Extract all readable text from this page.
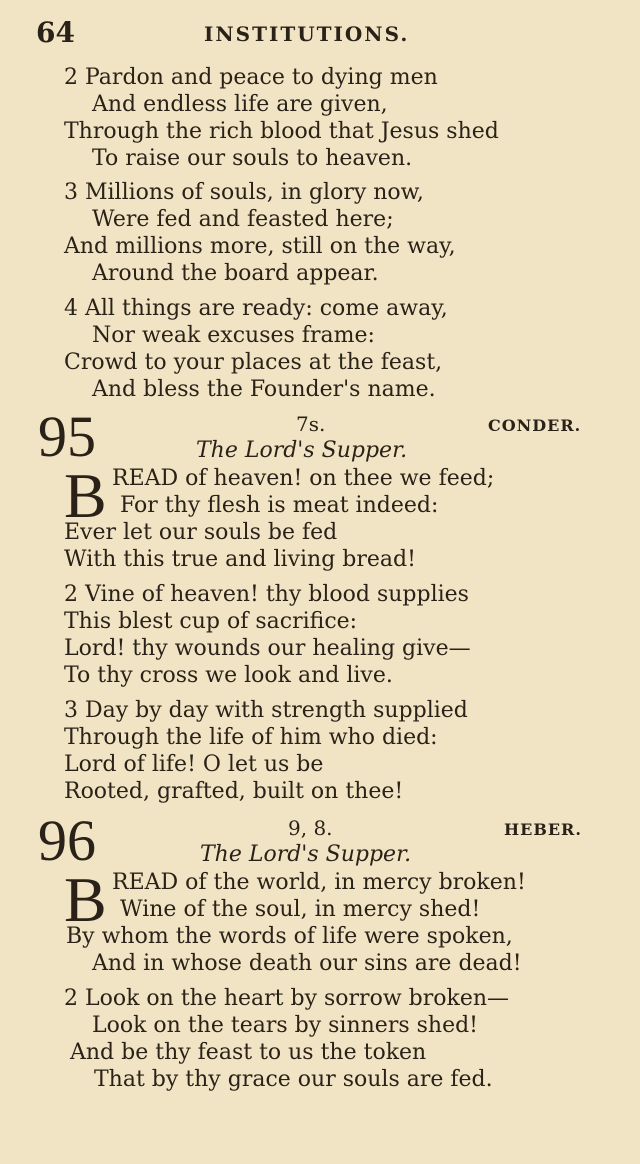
64	INSTITUTIONS.
2 Pardon and peace to dying men
And endless life are given,
Through the rich blood that Jesus shed
To raise our souls to heaven.
3 Millions of souls, in glory now,
Were fed and feasted here;
And millions more, still on the way,
Around the board appear.
4 All things are ready: come away,
Nor weak excuses frame:
Crowd to your places at the feast,
And bless the Founder's name.
95	7s.	CONDER.
The Lord's Supper.
B READ of heaven! on thee we feed;
For thy flesh is meat indeed:
Ever let our souls be fed
With this true and living bread!
2 Vine of heaven! thy blood supplies
This blest cup of sacrifice:
Lord! thy wounds our healing give—
To thy cross we look and live.
3 Day by day with strength supplied
Through the life of him who died:
Lord of life! O let us be
Rooted, grafted, built on thee!
96	9, 8.	HEBER.
The Lord's Supper.
B READ of the world, in mercy broken!
Wine of the soul, in mercy shed!
By whom the words of life were spoken,
And in whose death our sins are dead!
2 Look on the heart by sorrow broken—
Look on the tears by sinners shed!
And be thy feast to us the token
That by thy grace our souls are fed.
